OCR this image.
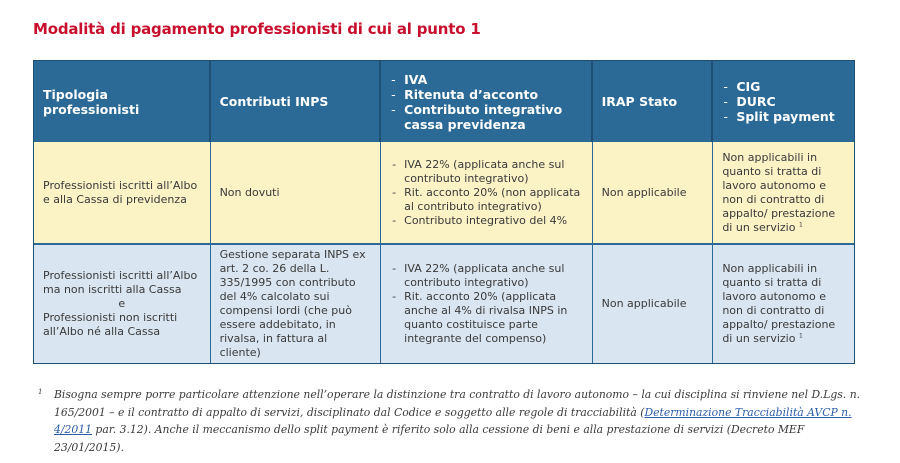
Modalità di pagamento professionisti di cui al punto 1
Tipologia professionisti	Contributi INPS
- IVA
- Ritenuta d’acconto
- Contributo integrativo cassa previdenza
IRAP Stato
- CIG
- DURC
- Split payment
Professionisti iscritti all’Albo e alla Cassa di previdenza
Non dovuti
- IVA 22% (applicata anche sul contributo integrativo)
- Rit. acconto 20% (non applicata al contributo integrativo)
- Contributo integrativo del 4%
Non applicabile
Non applicabili in quanto si tratta di lavoro autonomo e non di contratto di appalto/ prestazione di un servizio $^1$
Professionisti iscritti all’Albo ma non iscritti alla Cassa
e
Professionisti non iscritti all’Albo né alla Cassa
Gestione separata INPS ex art. 2 co. 26 della L. 335/1995 con contributo del 4% calcolato sui compensi lordi (che può essere addebitato, in rivalsa, in fattura al cliente)
- IVA 22% (applicata anche sul contributo integrativo)
- Rit. acconto 20% (applicata anche al 4% di rivalsa INPS in quanto costituisce parte integrante del compenso)
Non applicabile
Non applicabili in quanto si tratta di lavoro autonomo e non di contratto di appalto/ prestazione di un servizio $^1$
1	Bisogna sempre porre particolare attenzione nell’operare la distinzione tra contratto di lavoro autonomo – la cui disciplina si rinviene nel D.Lgs. n. 165/2001 – e il contratto di appalto di servizi, disciplinato dal Codice e soggetto alle regole di tracciabilità (Determinazione Tracciabilità AVCP n. 4/2011 par. 3.12). Anche il meccanismo dello split payment è riferito solo alla cessione di beni e alla prestazione di servizi (Decreto MEF 23/01/2015).
